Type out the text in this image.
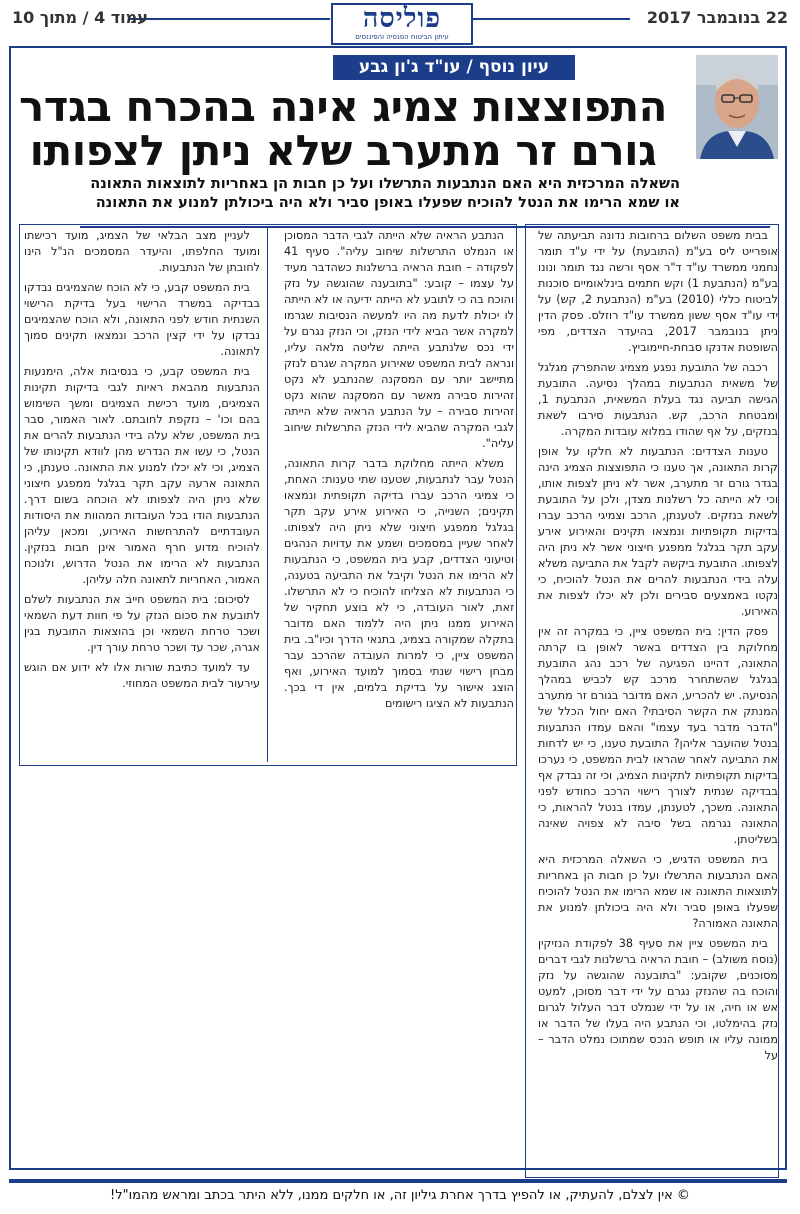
22 בנובמבר 2017
עמוד 4 / מתוך 10	פוליסה
עיתון הביטוח הפנסיה והפיננסים
עיון נוסף / עו"ד ג'ון גבע
התפוצצות צמיג אינה בהכרח בגדר
גורם זר מתערב שלא ניתן לצפותו
השאלה המרכזית היא האם הנתבעות התרשלו ועל כן חבות הן באחריות לתוצאות התאונה או שמא הרימו את הנטל להוכיח שפעלו באופן סביר ולא היה ביכולתן למנוע את התאונה

בבית משפט השלום ברחובות נדונה תביעתה של אופרייט ליס בע"מ (התובעת) על ידי ע"ד תומר נחמני ממשרד עו"ד ד"ר אסף ורשה נגד תומר ונונו בע"מ (הנתבעת 1) וקש חתמים בינלאומיים סוכנות לביטוח כללי (2010) בע"מ (הנתבעת 2, קש) על ידי עו"ד אסף ששון ממשרד עו"ד רוזלס. פסק הדין ניתן בנובמבר 2017, בהיעדר הצדדים, מפי השופטת אדנקו סבחת-חיימוביץ.

רכבה של התובעת נפגע מצמיג שהתפרק מגלגל של משאית הנתבעות במהלך נסיעה. התובעת הגישה תביעה נגד בעלת המשאית, הנתבעת 1, ומבטחת הרכב, קש. הנתבעות סירבו לשאת בנזקים, על אף שהודו במלוא עובדות המקרה.

טענות הצדדים: הנתבעות לא חלקו על אופן קרות התאונה, אך טענו כי התפוצצות הצמיג הינה בגדר גורם זר מתערב, אשר לא ניתן לצפות אותו, וכי לא הייתה כל רשלנות מצדן, ולכן על התובעת לשאת בנזקים. לטענתן, הרכב וצמיגי הרכב עברו בדיקות תקופתיות ונמצאו תקינים והאירוע אירע עקב תקר בגלגל ממפגע חיצוני אשר לא ניתן היה לצפותו. התובעת ביקשה לקבל את התביעה משלא עלה בידי הנתבעות להרים את הנטל להוכיח, כי נקטו באמצעים סבירים ולכן לא יכלו לצפות את האירוע.

פסק הדין: בית המשפט ציין, כי במקרה זה אין מחלוקת בין הצדדים באשר לאופן בו קרתה התאונה, דהיינו הפגיעה של רכב נהג התובעת בגלגל שהשתחרר מרכב קש לכביש במהלך הנסיעה. יש להכריע, האם מדובר בגורם זר מתערב המנתק את הקשר הסיבתי? האם יחול הכלל של "הדבר מדבר בעד עצמו" והאם עמדו הנתבעות בנטל שהועבר אליהן? התובעת טענו, כי יש לדחות את התביעה לאחר שהראו לבית המשפט, כי נערכו בדיקות תקופתיות לתקינות הצמיג, וכי זה נבדק אף בבדיקה שנתית לצורך רישוי הרכב כחודש לפני התאונה. משכך, לטענתן, עמדו בנטל להראות, כי התאונה נגרמה בשל סיבה לא צפויה שאינה בשליטתן.

בית המשפט הדגיש, כי השאלה המרכזית היא האם הנתבעות התרשלו ועל כן חבות הן באחריות לתוצאות התאונה או שמא הרימו את הנטל להוכיח שפעלו באופן סביר ולא היה ביכולתן למנוע את התאונה האמורה?

בית המשפט ציין את סעיף 38 לפקודת הנזיקין (נוסח משולב) – חובת הראיה ברשלנות לגבי דברים מסוכנים, שקובע: "בתובענה שהוגשה על נזק והוכח בה שהנזק נגרם על ידי דבר מסוכן, למעט אש או חיה, או על ידי שנמלט דבר העלול לגרום נזק בהימלטו, וכי הנתבע היה בעלו של הדבר או ממונה עליו או תופש הנכס שמתוכו נמלט הדבר – על

הנתבע הראיה שלא הייתה לגבי הדבר המסוכן או הנמלט התרשלות שיחוב עליה". סעיף 41 לפקודה – חובת הראיה ברשלנות כשהדבר מעיד על עצמו – קובע: "בתובענה שהוגשה על נזק והוכח בה כי לתובע לא הייתה ידיעה או לא הייתה לו יכולת לדעת מה היו למעשה הנסיבות שגרמו למקרה אשר הביא לידי הנזק, וכי הנזק נגרם על ידי נכס שלנתבע הייתה שליטה מלאה עליו, ונראה לבית המשפט שאירוע המקרה שגרם לנזק מתיישב יותר עם המסקנה שהנתבע לא נקט זהירות סבירה מאשר עם המסקנה שהוא נקט זהירות סבירה – על הנתבע הראיה שלא הייתה לגבי המקרה שהביא לידי הנזק התרשלות שיחוב עליה".

משלא הייתה מחלוקת בדבר קרות התאונה, הנטל עבר לנתבעות, שטענו שתי טענות: האחת, כי צמיגי הרכב עברו בדיקה תקופתית ונמצאו תקינים; השנייה, כי האירוע אירע עקב תקר בגלגל ממפגע חיצוני שלא ניתן היה לצפותו. לאחר שעיין במסמכים ושמע את עדויות הנהגים וטיעוני הצדדים, קבע בית המשפט, כי הנתבעות לא הרימו את הנטל וקיבל את התביעה בטענה, כי הנתבעות לא הצליחו להוכיח כי לא התרשלו. זאת, לאור העובדה, כי לא בוצע תחקיר של האירוע ממנו ניתן היה ללמוד האם מדובר בתקלה שמקורה בצמיג, בתנאי הדרך וכיו"ב. בית המשפט ציין, כי למרות העובדה שהרכב עבר מבחן רישוי שנתי בסמוך למועד האירוע, ואף הוצג אישור על בדיקת בלמים, אין די בכך. הנתבעות לא הציגו רישומים

לעניין מצב הבלאי של הצמיג, מועד רכישתו ומועד החלפתו, והיעדר המסמכים הנ"ל הינו לחובתן של הנתבעות.

בית המשפט קבע, כי לא הוכח שהצמיגים נבדקו בבדיקה במשרד הרישוי בעל בדיקת הרישוי השנתית חודש לפני התאונה, ולא הוכח שהצמיגים נבדקו על ידי קצין הרכב ונמצאו תקינים סמוך לתאונה.

בית המשפט קבע, כי בנסיבות אלה, הימנעות הנתבעות מהבאת ראיות לגבי בדיקות תקינות הצמיגים, מועד רכישת הצמיגים ומשך השימוש בהם וכו' – נזקפת לחובתם. לאור האמור, סבר בית המשפט, שלא עלה בידי הנתבעות להרים את הנטל, כי עשו את הנדרש מהן לוודא תקינותו של הצמיג, וכי לא יכלו למנוע את התאונה. טענתן, כי התאונה ארעה עקב תקר בגלגל ממפגע חיצוני שלא ניתן היה לצפותו לא הוכחה בשום דרך. הנתבעות הודו בכל העובדות המהוות את היסודות העובדתיים להתרחשות האירוע, ומכאן עליהן להוכיח מדוע חרף האמור אינן חבות בנזקין. הנתבעות לא הרימו את הנטל הדרוש, ולנוכח האמור, האחריות לתאונה חלה עליהן.

לסיכום: בית המשפט חייב את הנתבעות לשלם לתובעת את סכום הנזק על פי חוות דעת השמאי ושכר טרחת השמאי וכן בהוצאות התובעת בגין אגרה, שכר עד ושכר טרחת עורך דין.

עד למועד כתיבת שורות אלו לא ידוע אם הוגש עירעור לבית המשפט המחוזי.

© אין לצלם, להעתיק, או להפיץ בדרך אחרת גיליון זה, או חלקים ממנו, ללא היתר בכתב ומראש מהמו"ל!
